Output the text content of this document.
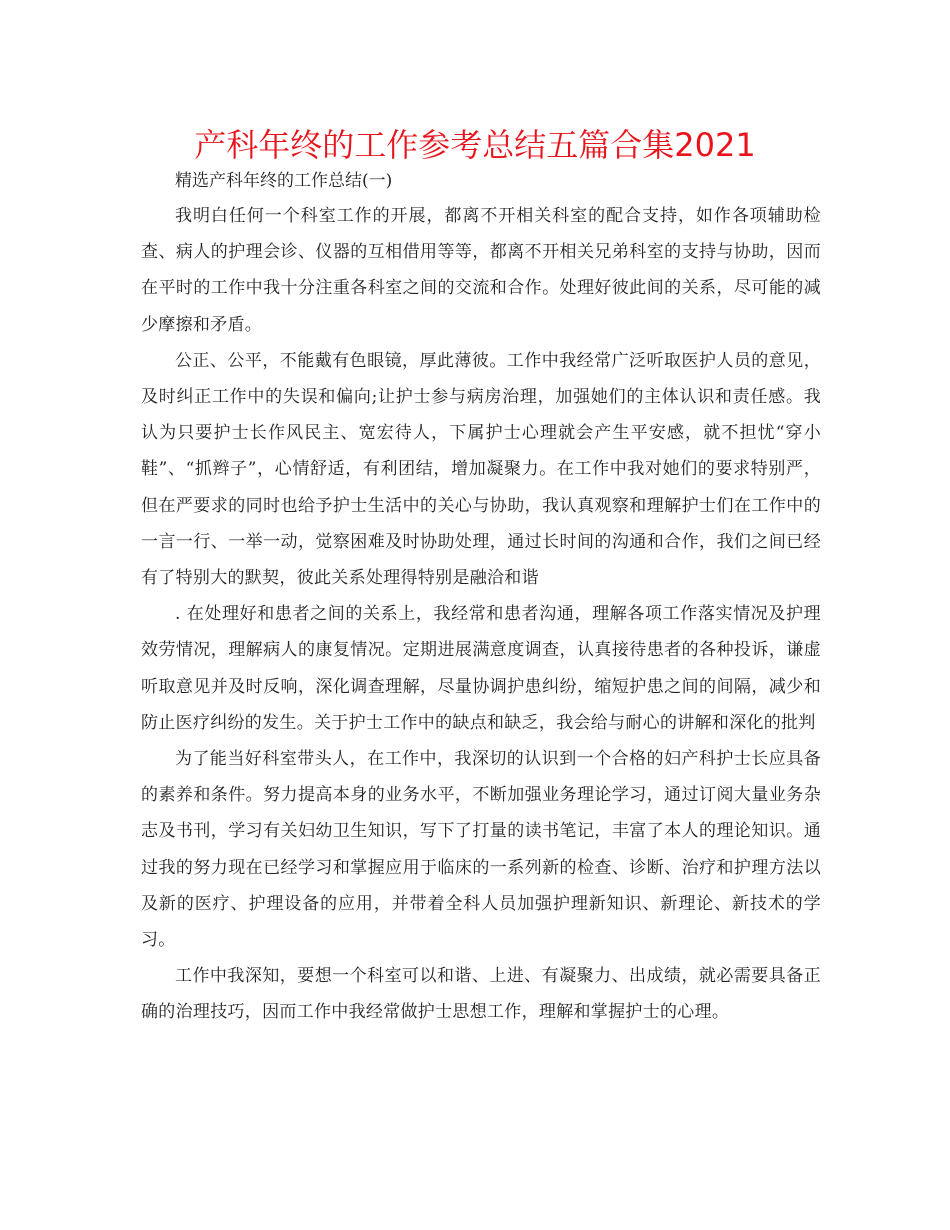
产科年终的工作参考总结五篇合集2021

精选产科年终的工作总结(一)

我明白任何一个科室工作的开展，都离不开相关科室的配合支持，如作各项辅助检查、病人的护理会诊、仪器的互相借用等等，都离不开相关兄弟科室的支持与协助，因而在平时的工作中我十分注重各科室之间的交流和合作。处理好彼此间的关系，尽可能的减少摩擦和矛盾。

公正、公平，不能戴有色眼镜，厚此薄彼。工作中我经常广泛听取医护人员的意见，及时纠正工作中的失误和偏向;让护士参与病房治理，加强她们的主体认识和责任感。我认为只要护士长作风民主、宽宏待人，下属护士心理就会产生平安感，就不担忧“穿小鞋”、“抓辫子”，心情舒适，有利团结，增加凝聚力。在工作中我对她们的要求特别严，但在严要求的同时也给予护士生活中的关心与协助，我认真观察和理解护士们在工作中的一言一行、一举一动，觉察困难及时协助处理，通过长时间的沟通和合作，我们之间已经有了特别大的默契，彼此关系处理得特别是融洽和谐

. 在处理好和患者之间的关系上，我经常和患者沟通，理解各项工作落实情况及护理效劳情况，理解病人的康复情况。定期进展满意度调查，认真接待患者的各种投诉，谦虚听取意见并及时反响，深化调查理解，尽量协调护患纠纷，缩短护患之间的间隔，减少和防止医疗纠纷的发生。关于护士工作中的缺点和缺乏，我会给与耐心的讲解和深化的批判

为了能当好科室带头人，在工作中，我深切的认识到一个合格的妇产科护士长应具备的素养和条件。努力提高本身的业务水平，不断加强业务理论学习，通过订阅大量业务杂志及书刊，学习有关妇幼卫生知识，写下了打量的读书笔记，丰富了本人的理论知识。通过我的努力现在已经学习和掌握应用于临床的一系列新的检查、诊断、治疗和护理方法以及新的医疗、护理设备的应用，并带着全科人员加强护理新知识、新理论、新技术的学习。

工作中我深知，要想一个科室可以和谐、上进、有凝聚力、出成绩，就必需要具备正确的治理技巧，因而工作中我经常做护士思想工作，理解和掌握护士的心理。
